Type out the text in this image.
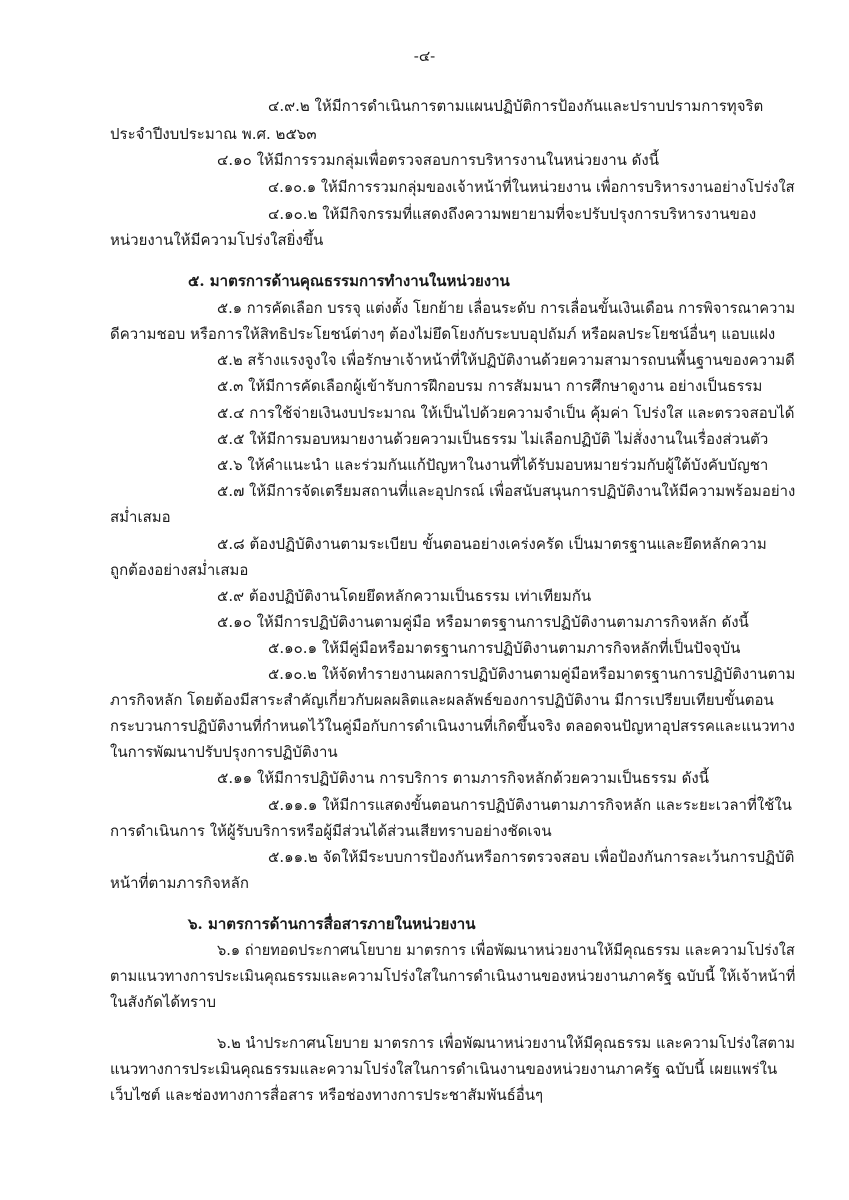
-๔-
๔.๙.๒ ให้มีการดำเนินการตามแผนปฏิบัติการป้องกันและปราบปรามการทุจริต
ประจำปีงบประมาณ พ.ศ. ๒๕๖๓
๔.๑๐ ให้มีการรวมกลุ่มเพื่อตรวจสอบการบริหารงานในหน่วยงาน ดังนี้
๔.๑๐.๑ ให้มีการรวมกลุ่มของเจ้าหน้าที่ในหน่วยงาน เพื่อการบริหารงานอย่างโปร่งใส
๔.๑๐.๒ ให้มีกิจกรรมที่แสดงถึงความพยายามที่จะปรับปรุงการบริหารงานของ
หน่วยงานให้มีความโปร่งใสยิ่งขึ้น
๕. มาตรการด้านคุณธรรมการทำงานในหน่วยงาน
๕.๑ การคัดเลือก บรรจุ แต่งตั้ง โยกย้าย เลื่อนระดับ การเลื่อนขั้นเงินเดือน การพิจารณาความ
ดีความชอบ หรือการให้สิทธิประโยชน์ต่างๆ ต้องไม่ยึดโยงกับระบบอุปถัมภ์ หรือผลประโยชน์อื่นๆ แอบแฝง
๕.๒ สร้างแรงจูงใจ เพื่อรักษาเจ้าหน้าที่ให้ปฏิบัติงานด้วยความสามารถบนพื้นฐานของความดี
๕.๓ ให้มีการคัดเลือกผู้เข้ารับการฝึกอบรม การสัมมนา การศึกษาดูงาน อย่างเป็นธรรม
๕.๔ การใช้จ่ายเงินงบประมาณ ให้เป็นไปด้วยความจำเป็น คุ้มค่า โปร่งใส และตรวจสอบได้
๕.๕ ให้มีการมอบหมายงานด้วยความเป็นธรรม ไม่เลือกปฏิบัติ ไม่สั่งงานในเรื่องส่วนตัว
๕.๖ ให้คำแนะนำ และร่วมกันแก้ปัญหาในงานที่ได้รับมอบหมายร่วมกับผู้ใต้บังคับบัญชา
๕.๗ ให้มีการจัดเตรียมสถานที่และอุปกรณ์ เพื่อสนับสนุนการปฏิบัติงานให้มีความพร้อมอย่าง
สม่ำเสมอ
๕.๘ ต้องปฏิบัติงานตามระเบียบ ขั้นตอนอย่างเคร่งครัด เป็นมาตรฐานและยึดหลักความ
ถูกต้องอย่างสม่ำเสมอ
๕.๙ ต้องปฏิบัติงานโดยยึดหลักความเป็นธรรม เท่าเทียมกัน
๕.๑๐ ให้มีการปฏิบัติงานตามคู่มือ หรือมาตรฐานการปฏิบัติงานตามภารกิจหลัก ดังนี้
๕.๑๐.๑ ให้มีคู่มือหรือมาตรฐานการปฏิบัติงานตามภารกิจหลักที่เป็นปัจจุบัน
๕.๑๐.๒ ให้จัดทำรายงานผลการปฏิบัติงานตามคู่มือหรือมาตรฐานการปฏิบัติงานตาม
ภารกิจหลัก โดยต้องมีสาระสำคัญเกี่ยวกับผลผลิตและผลลัพธ์ของการปฏิบัติงาน มีการเปรียบเทียบขั้นตอน
กระบวนการปฏิบัติงานที่กำหนดไว้ในคู่มือกับการดำเนินงานที่เกิดขึ้นจริง ตลอดจนปัญหาอุปสรรคและแนวทาง
ในการพัฒนาปรับปรุงการปฏิบัติงาน
๕.๑๑ ให้มีการปฏิบัติงาน การบริการ ตามภารกิจหลักด้วยความเป็นธรรม ดังนี้
๕.๑๑.๑ ให้มีการแสดงขั้นตอนการปฏิบัติงานตามภารกิจหลัก และระยะเวลาที่ใช้ใน
การดำเนินการ ให้ผู้รับบริการหรือผู้มีส่วนได้ส่วนเสียทราบอย่างชัดเจน
๕.๑๑.๒ จัดให้มีระบบการป้องกันหรือการตรวจสอบ เพื่อป้องกันการละเว้นการปฏิบัติ
หน้าที่ตามภารกิจหลัก
๖. มาตรการด้านการสื่อสารภายในหน่วยงาน
๖.๑ ถ่ายทอดประกาศนโยบาย มาตรการ เพื่อพัฒนาหน่วยงานให้มีคุณธรรม และความโปร่งใส
ตามแนวทางการประเมินคุณธรรมและความโปร่งใสในการดำเนินงานของหน่วยงานภาครัฐ ฉบับนี้ ให้เจ้าหน้าที่
ในสังกัดได้ทราบ
๖.๒ นำประกาศนโยบาย มาตรการ เพื่อพัฒนาหน่วยงานให้มีคุณธรรม และความโปร่งใสตาม
แนวทางการประเมินคุณธรรมและความโปร่งใสในการดำเนินงานของหน่วยงานภาครัฐ ฉบับนี้ เผยแพร่ใน
เว็บไซต์ และช่องทางการสื่อสาร หรือช่องทางการประชาสัมพันธ์อื่นๆ
